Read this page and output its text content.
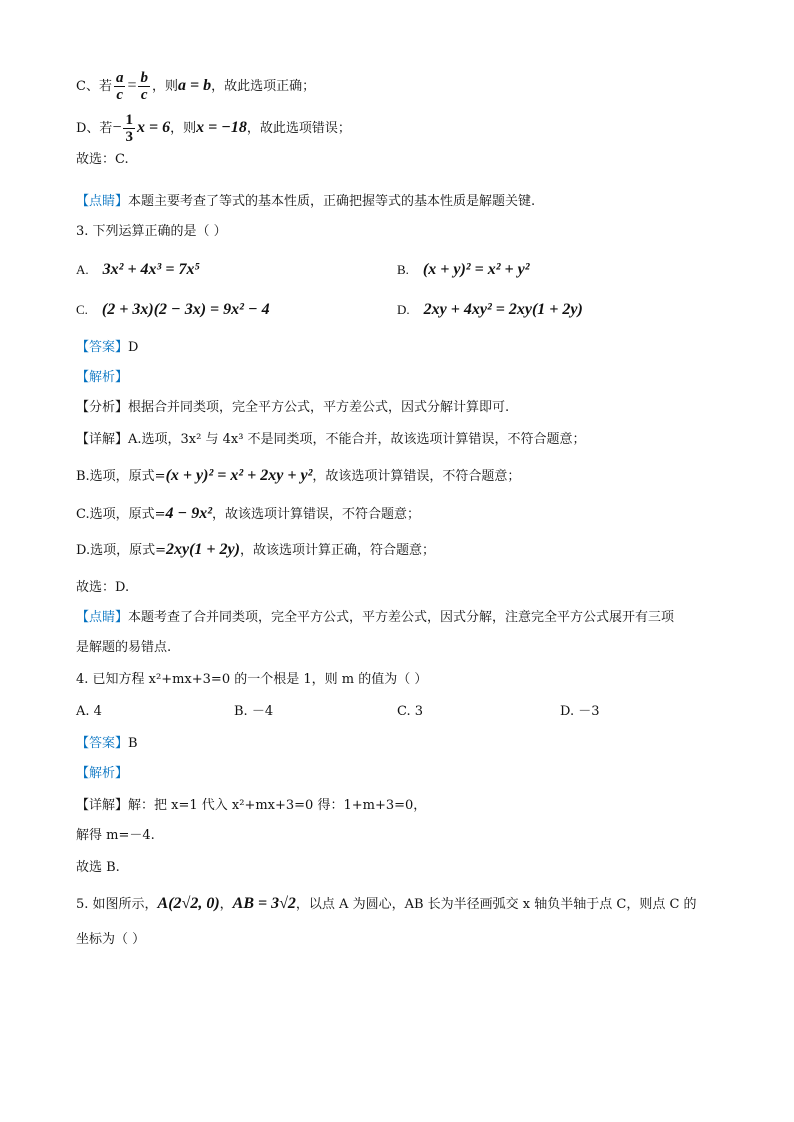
C、若 $\frac{a}{c} = \frac{b}{c}$ ，则a = b，故此选项正确；
D、若− $\frac{1}{3}$ x = 6，则x = −18，故此选项错误；
故选：C.
【点睛】本题主要考查了等式的基本性质，正确把握等式的基本性质是解题关键.
3. 下列运算正确的是（ ）
A. 3x² + 4x³ = 7x⁵	B. (x + y)² = x² + y²
C. (2 + 3x)(2 − 3x) = 9x² − 4	D. 2xy + 4xy² = 2xy(1 + 2y)
【答案】D
【解析】
【分析】根据合并同类项，完全平方公式，平方差公式，因式分解计算即可.
【详解】A.选项，3x² 与 4x³ 不是同类项，不能合并，故该选项计算错误，不符合题意；
B.选项，原式=(x + y)² = x² + 2xy + y²，故该选项计算错误，不符合题意；
C.选项，原式=4 − 9x²，故该选项计算错误，不符合题意；
D.选项，原式=2xy(1 + 2y)，故该选项计算正确，符合题意；
故选：D.
【点睛】本题考查了合并同类项，完全平方公式，平方差公式，因式分解，注意完全平方公式展开有三项
是解题的易错点.
4. 已知方程 x²+mx+3=0 的一个根是 1，则 m 的值为（ ）
A. 4	B. －4	C. 3	D. －3
【答案】B
【解析】
【详解】解：把 x=1 代入 x²+mx+3=0 得：1+m+3=0，
解得 m=－4.
故选 B.
5. 如图所示，A(2√2, 0)，AB = 3√2，以点 A 为圆心，AB 长为半径画弧交 x 轴负半轴于点 C，则点 C 的
坐标为（ ）
